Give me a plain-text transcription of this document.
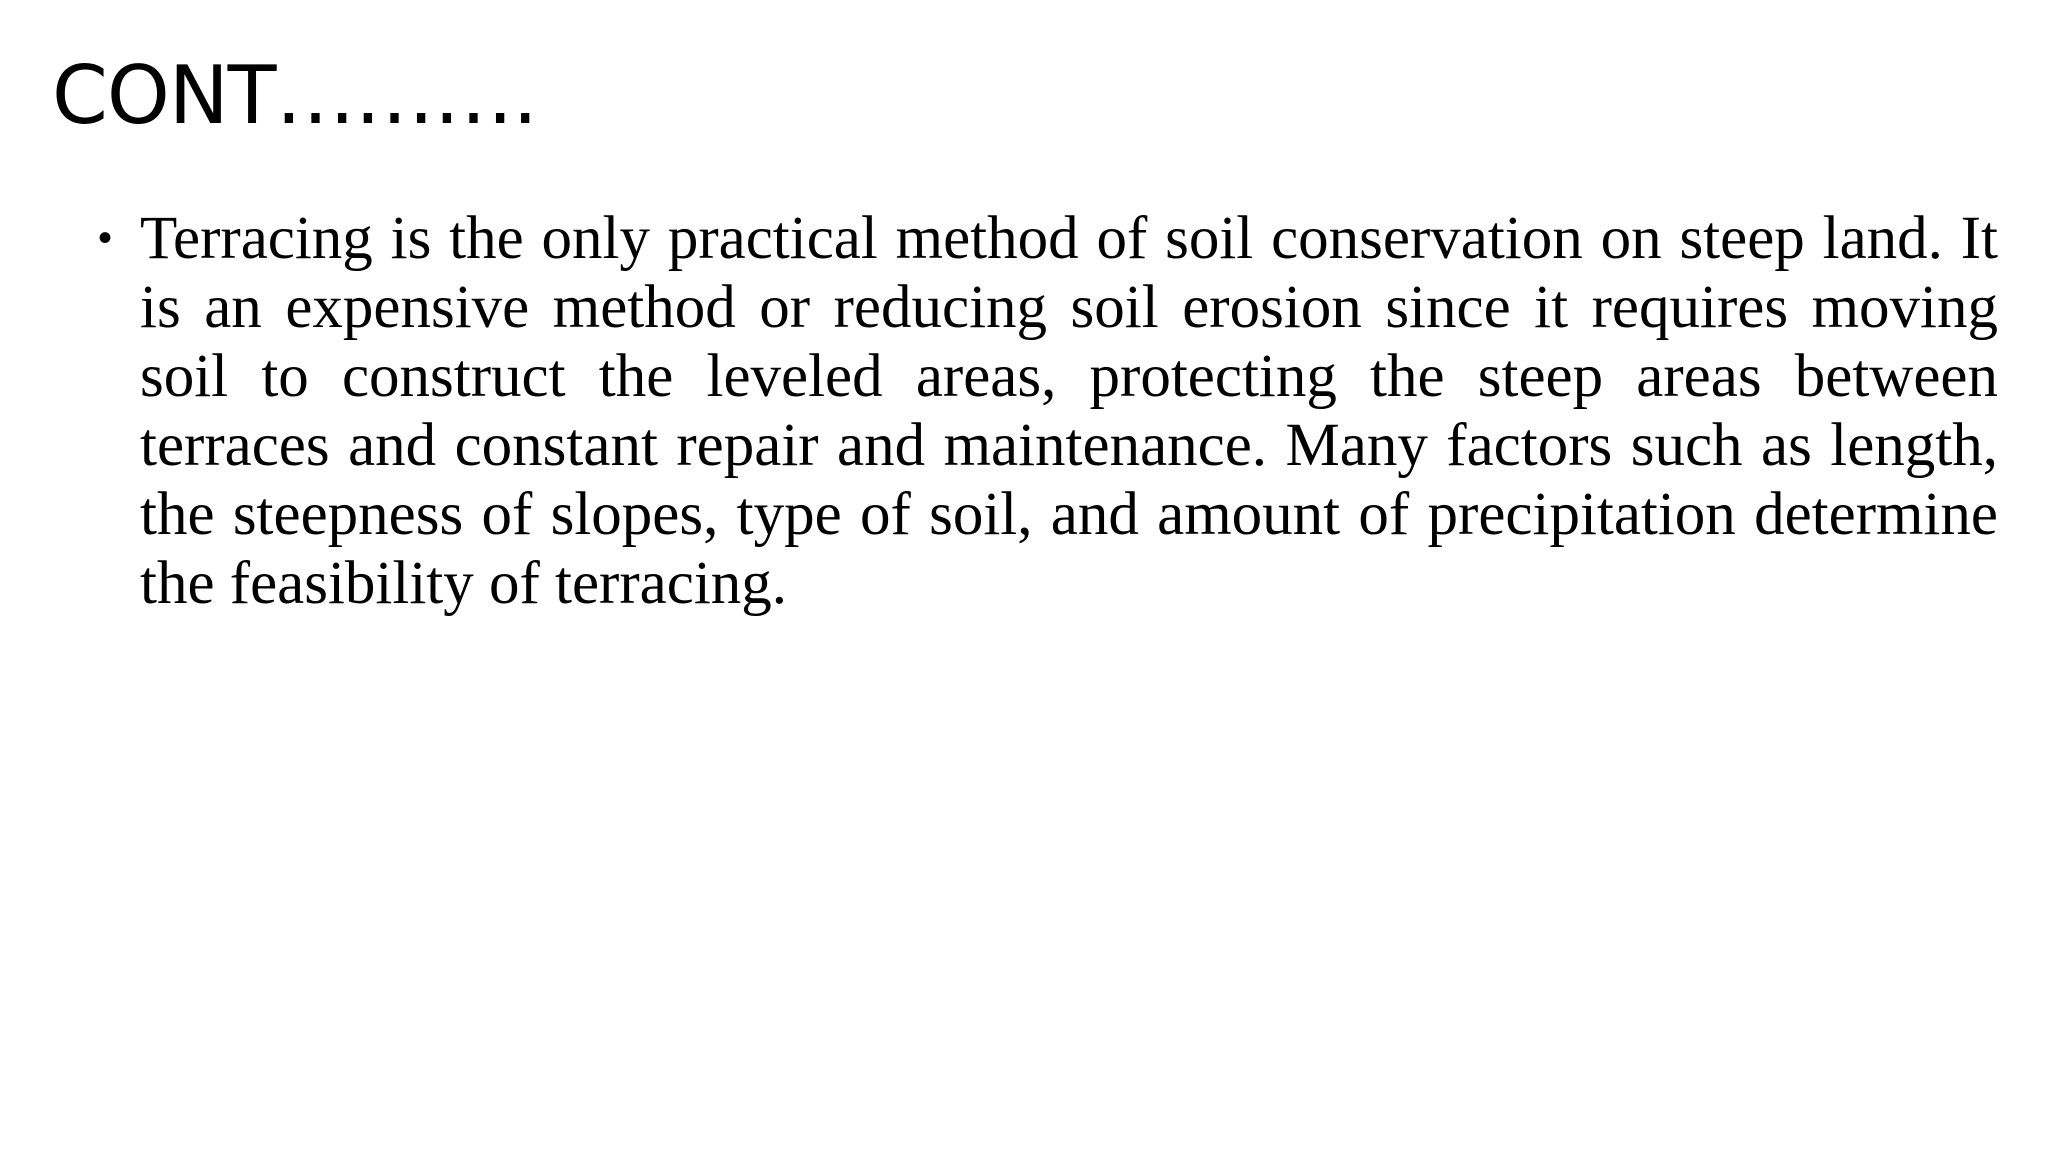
CONT……….
• Terracing is the only practical method of soil conservation on steep land. It is an expensive method or reducing soil erosion since it requires moving soil to construct the leveled areas, protecting the steep areas between terraces and constant repair and maintenance. Many factors such as length, the steepness of slopes, type of soil, and amount of precipitation determine the feasibility of terracing.
